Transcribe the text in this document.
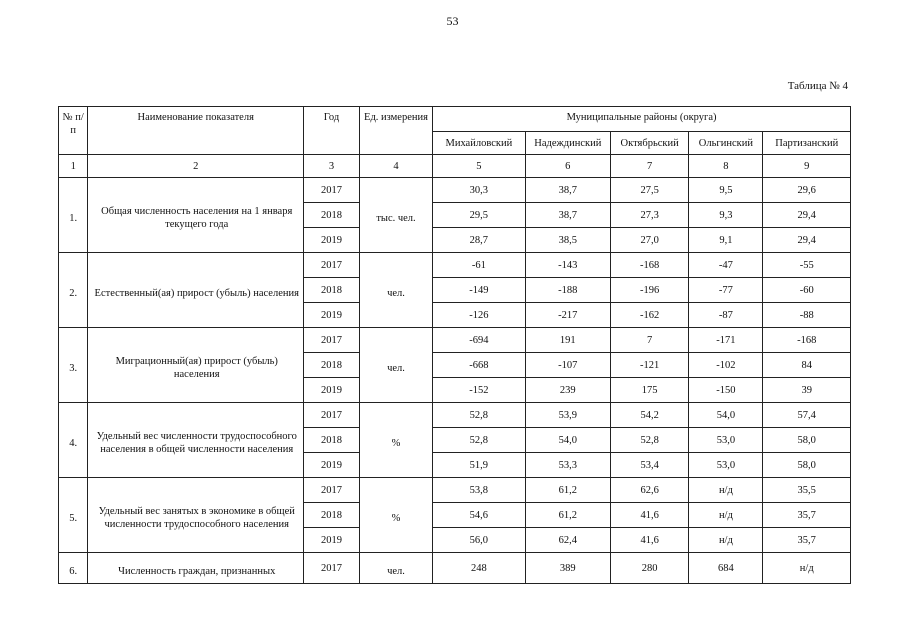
53
Таблица № 4
№ п/п	Наименование показателя	Год	Ед. измерения	Муниципальные районы (округа)				
				Михайловский	Надеждинский	Октябрьский	Ольгинский	Партизанский
1	2	3	4	5	6	7	8	9
1.	Общая численность населения на 1 января текущего года	2017	тыс. чел.	30,3	38,7	27,5	9,5	29,6
		2018		29,5	38,7	27,3	9,3	29,4
		2019		28,7	38,5	27,0	9,1	29,4
2.	Естественный(ая) прирост (убыль) населения	2017	чел.	-61	-143	-168	-47	-55
		2018		-149	-188	-196	-77	-60
		2019		-126	-217	-162	-87	-88
3.	Миграционный(ая) прирост (убыль) населения	2017	чел.	-694	191	7	-171	-168
		2018		-668	-107	-121	-102	84
		2019		-152	239	175	-150	39
4.	Удельный вес численности трудоспособного населения в общей численности населения	2017	%	52,8	53,9	54,2	54,0	57,4
		2018		52,8	54,0	52,8	53,0	58,0
		2019		51,9	53,3	53,4	53,0	58,0
5.	Удельный вес занятых в экономике в общей численности трудоспособного населения	2017	%	53,8	61,2	62,6	н/д	35,5
		2018		54,6	61,2	41,6	н/д	35,7
		2019		56,0	62,4	41,6	н/д	35,7
6.	Численность граждан, признанных	2017	чел.	248	389	280	684	н/д
